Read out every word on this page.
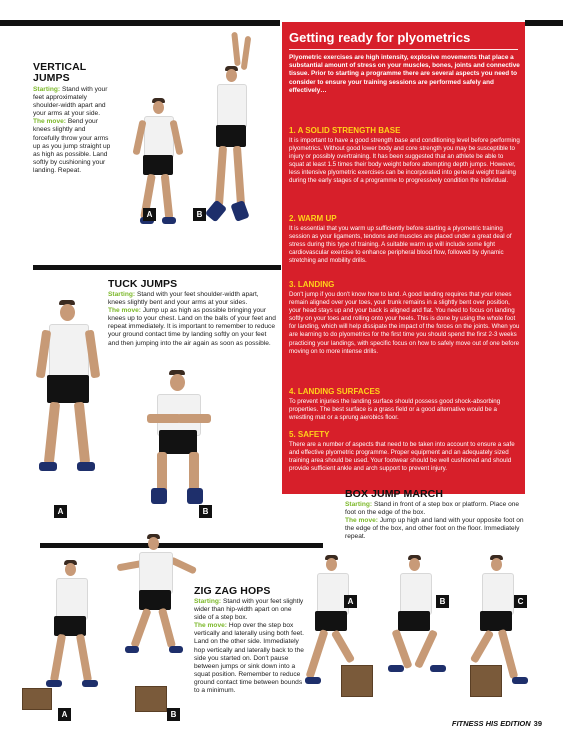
VERTICAL JUMPS
Starting: Stand with your feet approximately shoulder-width apart and your arms at your side.
The move: Bend your knees slightly and forcefully throw your arms up as you jump straight up as high as possible. Land softly by cushioning your landing. Repeat.
A	B
TUCK JUMPS
Starting: Stand with your feet shoulder-width apart, knees slightly bent and your arms at your sides.
The move: Jump up as high as possible bringing your knees up to your chest. Land on the balls of your feet and repeat immediately. It is important to remember to reduce your ground contact time by landing softly on your feet and then jumping into the air again as soon as possible.
A	B
Getting ready for plyometrics
Plyometric exercises are high intensity, explosive movements that place a substantial amount of stress on your muscles, bones, joints and connective tissue. Prior to starting a programme there are several aspects you need to consider to ensure your training sessions are performed safely and effectively…
1. A SOLID STRENGTH BASE
It is important to have a good strength base and conditioning level before performing plyometrics. Without good lower body and core strength you may be susceptible to injury or possibly overtraining. It has been suggested that an athlete be able to squat at least 1.5 times their body weight before attempting depth jumps. However, less intensive plyometric exercises can be incorporated into general weight training during the early stages of a programme to progressively condition the individual.
2. WARM UP
It is essential that you warm up sufficiently before starting a plyometric training session as your ligaments, tendons and muscles are placed under a great deal of stress during this type of training. A suitable warm up will include some light cardiovascular exercise to enhance peripheral blood flow, followed by dynamic stretching and mobility drills.
3. LANDING
Don't jump if you don't know how to land. A good landing requires that your knees remain aligned over your toes, your trunk remains in a slightly bent over position, your head stays up and your back is aligned and flat. You need to focus on landing softly on your toes and rolling onto your heels. This is done by using the whole foot for landing, which will help dissipate the impact of the forces on the joints. When you are learning to do plyometrics for the first time you should spend the first 2-3 weeks practicing your landings, with specific focus on how to safely move out of one before moving on to more intense drills.
4. LANDING SURFACES
To prevent injuries the landing surface should possess good shock-absorbing properties. The best surface is a grass field or a good alternative would be a wrestling mat or a sprung aerobics floor.
5. SAFETY
There are a number of aspects that need to be taken into account to ensure a safe and effective plyometric programme. Proper equipment and an adequately sized training area should be used. Your footwear should be well cushioned and should provide sufficient ankle and arch support to prevent injury.
BOX JUMP MARCH
Starting: Stand in front of a step box or platform. Place one foot on the edge of the box.
The move: Jump up high and land with your opposite foot on the edge of the box, and other foot on the floor. Immediately repeat.
A	B	C
ZIG ZAG HOPS
Starting: Stand with your feet slightly wider than hip-width apart on one side of a step box.
The move: Hop over the step box vertically and laterally using both feet. Land on the other side. Immediately hop vertically and laterally back to the side you started on. Don't pause between jumps or sink down into a squat position. Remember to reduce ground contact time between bounds to a minimum.
A	B
FITNESS HIS EDITION 39
